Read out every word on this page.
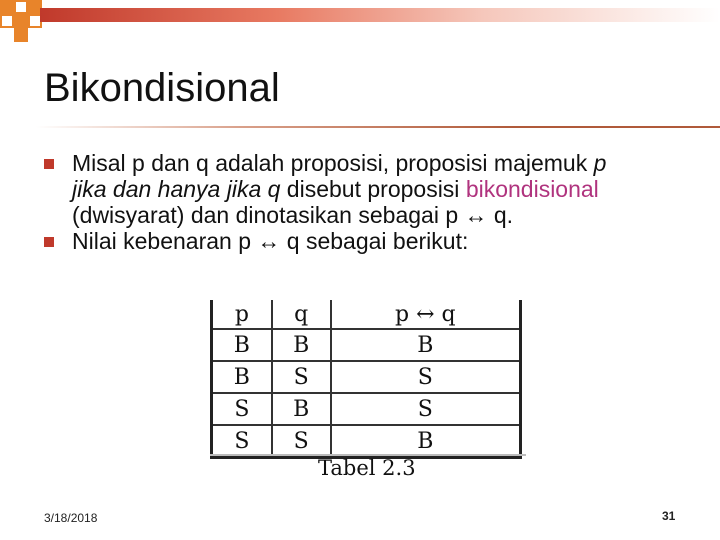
Bikondisional
Misal p dan q adalah proposisi, proposisi majemuk p jika dan hanya jika q disebut proposisi bikondisional (dwisyarat) dan dinotasikan sebagai p ↔ q.
Nilai kebenaran p ↔ q sebagai berikut:
p	q	p ↔ q
B	B	B
B	S	S
S	B	S
S	S	B
Tabel 2.3
3/18/2018	31
